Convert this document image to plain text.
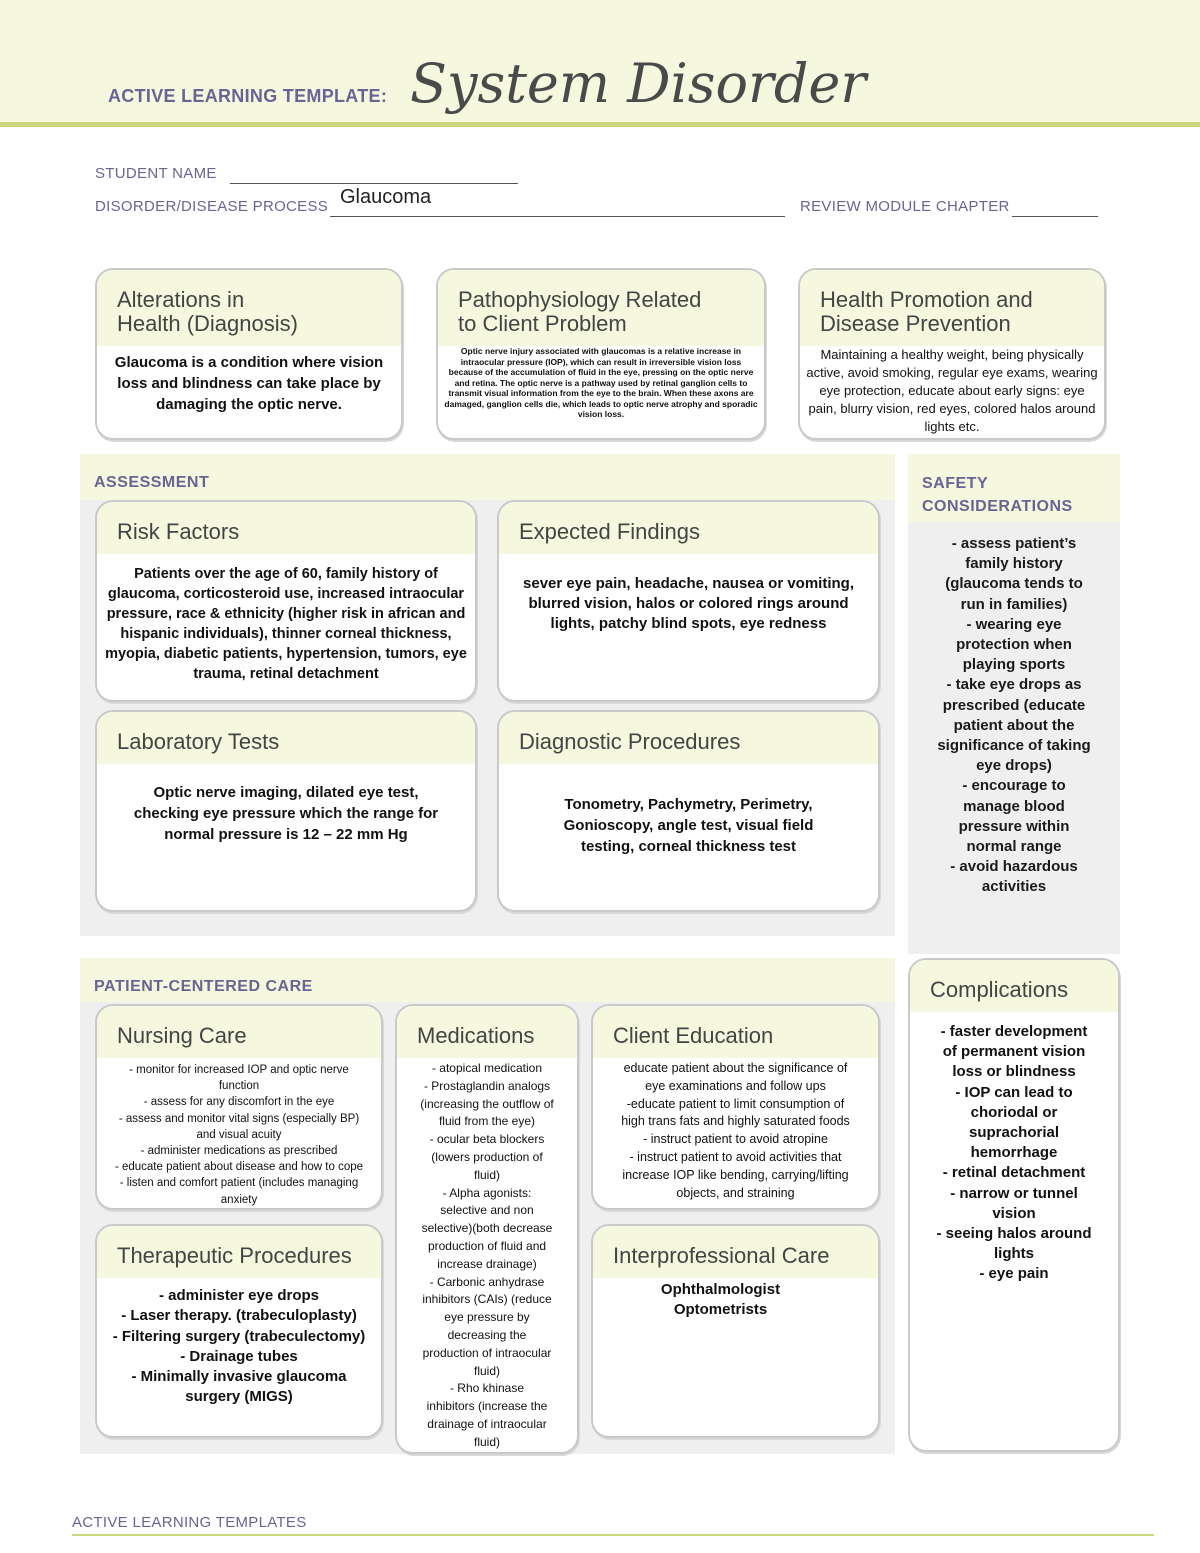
ACTIVE LEARNING TEMPLATE: System Disorder
STUDENT NAME
DISORDER/DISEASE PROCESS Glaucoma	REVIEW MODULE CHAPTER
Alterations in
Health (Diagnosis)
Glaucoma is a condition where vision loss and blindness can take place by damaging the optic nerve.
Pathophysiology Related
to Client Problem
Optic nerve injury associated with glaucomas is a relative increase in intraocular pressure (IOP), which can result in irreversible vision loss because of the accumulation of fluid in the eye, pressing on the optic nerve and retina. The optic nerve is a pathway used by retinal ganglion cells to transmit visual information from the eye to the brain. When these axons are damaged, ganglion cells die, which leads to optic nerve atrophy and sporadic vision loss.
Health Promotion and
Disease Prevention
Maintaining a healthy weight, being physically active, avoid smoking, regular eye exams, wearing eye protection, educate about early signs: eye pain, blurry vision, red eyes, colored halos around lights etc.
ASSESSMENT
Risk Factors
Patients over the age of 60, family history of glaucoma, corticosteroid use, increased intraocular pressure, race & ethnicity (higher risk in african and hispanic individuals), thinner corneal thickness, myopia, diabetic patients, hypertension, tumors, eye trauma, retinal detachment
Expected Findings
sever eye pain, headache, nausea or vomiting, blurred vision, halos or colored rings around lights, patchy blind spots, eye redness
Laboratory Tests
Optic nerve imaging, dilated eye test, checking eye pressure which the range for normal pressure is 12 – 22 mm Hg
Diagnostic Procedures
Tonometry, Pachymetry, Perimetry, Gonioscopy, angle test, visual field testing, corneal thickness test
SAFETY
CONSIDERATIONS
- assess patient’s
family history
(glaucoma tends to
run in families)
- wearing eye
protection when
playing sports
- take eye drops as
prescribed (educate
patient about the
significance of taking
eye drops)
- encourage to
manage blood
pressure within
normal range
- avoid hazardous
activities
PATIENT-CENTERED CARE
Nursing Care
- monitor for increased IOP and optic nerve
function
- assess for any discomfort in the eye
- assess and monitor vital signs (especially BP)
and visual acuity
- administer medications as prescribed
- educate patient about disease and how to cope
- listen and comfort patient (includes managing
anxiety
Medications
- atopical medication
- Prostaglandin analogs
(increasing the outflow of
fluid from the eye)
- ocular beta blockers
(lowers production of
fluid)
- Alpha agonists:
selective and non
selective)(both decrease
production of fluid and
increase drainage)
- Carbonic anhydrase
inhibitors (CAIs) (reduce
eye pressure by
decreasing the
production of intraocular
fluid)
- Rho khinase
inhibitors (increase the
drainage of intraocular
fluid)
Client Education
educate patient about the significance of
eye examinations and follow ups
-educate patient to limit consumption of
high trans fats and highly saturated foods
- instruct patient to avoid atropine
- instruct patient to avoid activities that
increase IOP like bending, carrying/lifting
objects, and straining
Therapeutic Procedures
- administer eye drops
- Laser therapy. (trabeculoplasty)
- Filtering surgery (trabeculectomy)
- Drainage tubes
- Minimally invasive glaucoma
surgery (MIGS)
Interprofessional Care
Ophthalmologist
Optometrists
Complications
- faster development
of permanent vision
loss or blindness
- IOP can lead to
choriodal or
suprachorial
hemorrhage
- retinal detachment
- narrow or tunnel
vision
- seeing halos around
lights
- eye pain
ACTIVE LEARNING TEMPLATES
